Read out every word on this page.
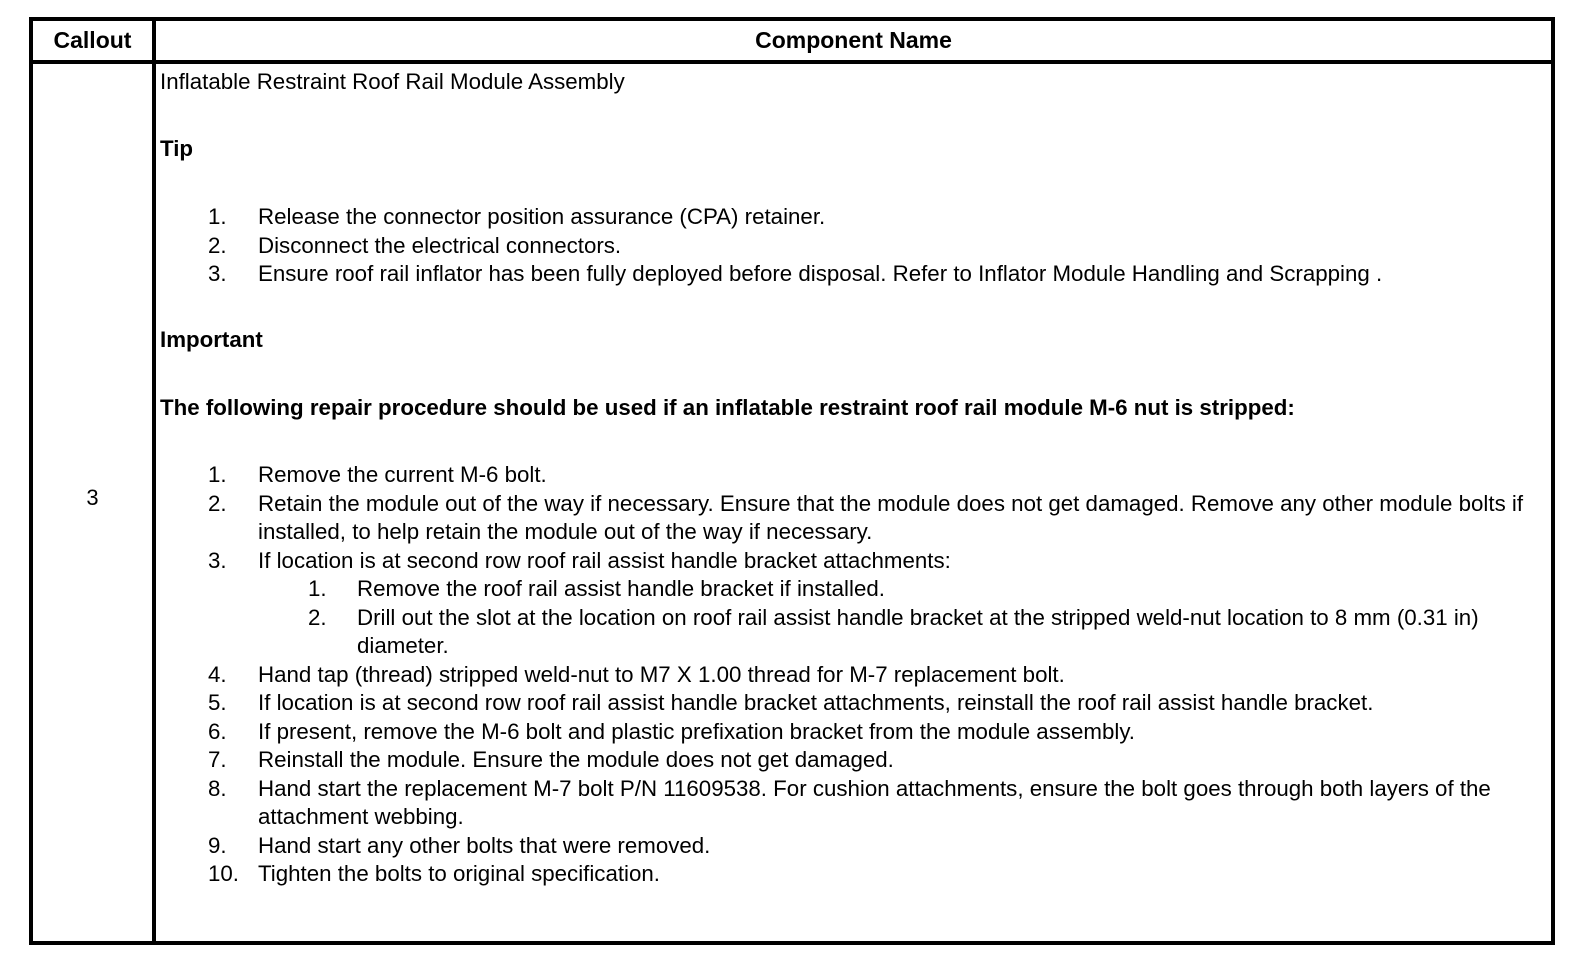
Callout	Component Name
3
Inflatable Restraint Roof Rail Module Assembly
Tip
1. Release the connector position assurance (CPA) retainer.
2. Disconnect the electrical connectors.
3. Ensure roof rail inflator has been fully deployed before disposal. Refer to Inflator Module Handling and Scrapping .
Important
The following repair procedure should be used if an inflatable restraint roof rail module M-6 nut is stripped:
1. Remove the current M-6 bolt.
2. Retain the module out of the way if necessary. Ensure that the module does not get damaged. Remove any other module bolts if installed, to help retain the module out of the way if necessary.
3. If location is at second row roof rail assist handle bracket attachments:
1. Remove the roof rail assist handle bracket if installed.
2. Drill out the slot at the location on roof rail assist handle bracket at the stripped weld-nut location to 8 mm (0.31 in) diameter.
4. Hand tap (thread) stripped weld-nut to M7 X 1.00 thread for M-7 replacement bolt.
5. If location is at second row roof rail assist handle bracket attachments, reinstall the roof rail assist handle bracket.
6. If present, remove the M-6 bolt and plastic prefixation bracket from the module assembly.
7. Reinstall the module. Ensure the module does not get damaged.
8. Hand start the replacement M-7 bolt P/N 11609538. For cushion attachments, ensure the bolt goes through both layers of the attachment webbing.
9. Hand start any other bolts that were removed.
10. Tighten the bolts to original specification.
